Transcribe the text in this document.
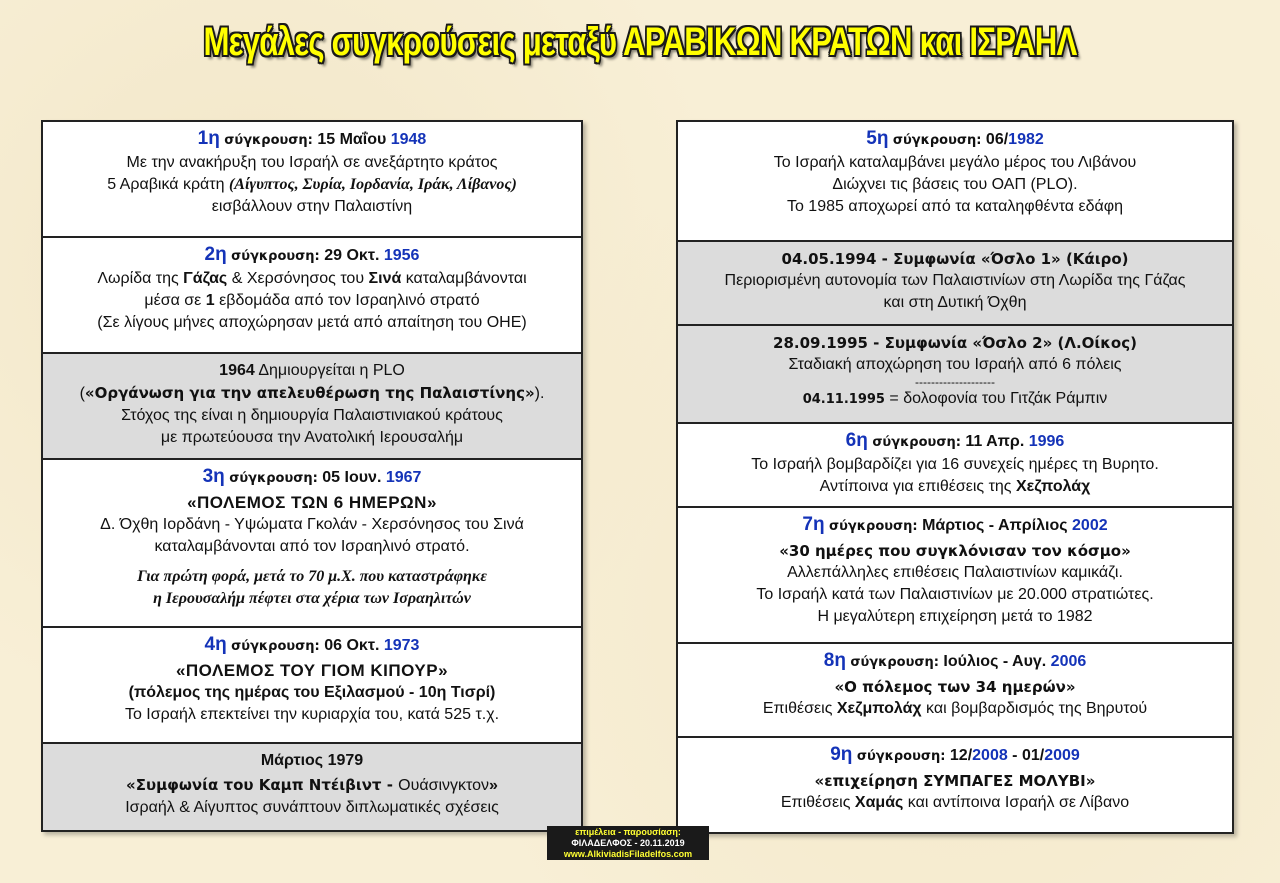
Μεγάλες συγκρούσεις μεταξύ ΑΡΑΒΙΚΩΝ ΚΡΑΤΩΝ και ΙΣΡΑΗΛ
1η σύγκρουση: 15 Μαΐου 1948
Με την ανακήρυξη του Ισραήλ σε ανεξάρτητο κράτος
5 Αραβικά κράτη (Αίγυπτος, Συρία, Ιορδανία, Ιράκ, Λίβανος)
εισβάλλουν στην Παλαιστίνη
2η σύγκρουση: 29 Οκτ. 1956
Λωρίδα της Γάζας & Χερσόνησος του Σινά καταλαμβάνονται
μέσα σε 1 εβδομάδα από τον Ισραηλινό στρατό
(Σε λίγους μήνες αποχώρησαν μετά από απαίτηση του ΟΗΕ)
1964 Δημιουργείται η PLO
(«Οργάνωση για την απελευθέρωση της Παλαιστίνης»).
Στόχος της είναι η δημιουργία Παλαιστινιακού κράτους
με πρωτεύουσα την Ανατολική Ιερουσαλήμ
3η σύγκρουση: 05 Ιουν. 1967
«ΠΟΛΕΜΟΣ ΤΩΝ 6 ΗΜΕΡΩΝ»
Δ. Όχθη Ιορδάνη - Υψώματα Γκολάν - Χερσόνησος του Σινά
καταλαμβάνονται από τον Ισραηλινό στρατό.
Για πρώτη φορά, μετά το 70 μ.Χ. που καταστράφηκε
η Ιερουσαλήμ πέφτει στα χέρια των Ισραηλιτών
4η σύγκρουση: 06 Οκτ. 1973
«ΠΟΛΕΜΟΣ ΤΟΥ ΓΙΟΜ ΚΙΠΟΥΡ»
(πόλεμος της ημέρας του Εξιλασμού - 10η Τισρί)
Το Ισραήλ επεκτείνει την κυριαρχία του, κατά 525 τ.χ.
Μάρτιος 1979
«Συμφωνία του Καμπ Ντέιβιντ - Ουάσινγκτον»
Ισραήλ & Αίγυπτος συνάπτουν διπλωματικές σχέσεις
5η σύγκρουση: 06/1982
Το Ισραήλ καταλαμβάνει μεγάλο μέρος του Λιβάνου
Διώχνει τις βάσεις του ΟΑΠ (PLO).
Το 1985 αποχωρεί από τα καταληφθέντα εδάφη
04.05.1994 - Συμφωνία «Όσλο 1» (Κάιρο)
Περιορισμένη αυτονομία των Παλαιστινίων στη Λωρίδα της Γάζας
και στη Δυτική Όχθη
28.09.1995 - Συμφωνία «Όσλο 2» (Λ.Οίκος)
Σταδιακή αποχώρηση του Ισραήλ από 6 πόλεις
--------------------
04.11.1995 = δολοφονία του Γιτζάκ Ράμπιν
6η σύγκρουση: 11 Απρ. 1996
Το Ισραήλ βομβαρδίζει για 16 συνεχείς ημέρες τη Βυρητο.
Αντίποινα για επιθέσεις της Χεζπολάχ
7η σύγκρουση: Μάρτιος - Απρίλιος 2002
«30 ημέρες που συγκλόνισαν τον κόσμο»
Αλλεπάλληλες επιθέσεις Παλαιστινίων καμικάζι.
Το Ισραήλ κατά των Παλαιστινίων με 20.000 στρατιώτες.
Η μεγαλύτερη επιχείρηση μετά το 1982
8η σύγκρουση: Ιούλιος - Αυγ. 2006
«Ο πόλεμος των 34 ημερών»
Επιθέσεις Χεζμπολάχ και βομβαρδισμός της Βηρυτού
9η σύγκρουση: 12/2008 - 01/2009
«επιχείρηση ΣΥΜΠΑΓΕΣ ΜΟΛΥΒΙ»
Επιθέσεις Χαμάς και αντίποινα Ισραήλ σε Λίβανο
επιμέλεια - παρουσίαση:
ΦΙΛΑΔΕΛΦΟΣ - 20.11.2019
www.AlkiviadisFiladelfos.com
